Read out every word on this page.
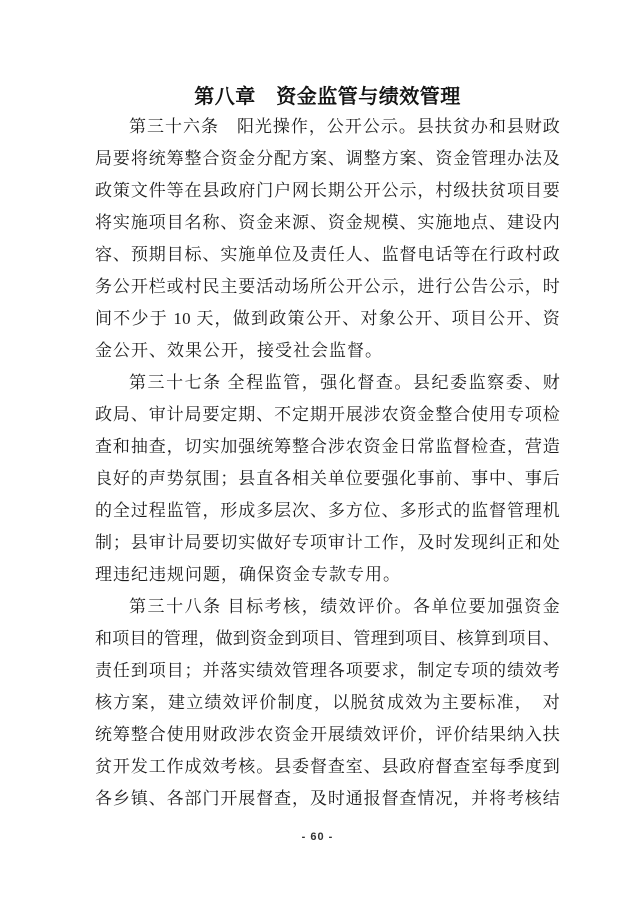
第八章　资金监管与绩效管理
第三十六条　阳光操作，公开公示。县扶贫办和县财政
局要将统筹整合资金分配方案、调整方案、资金管理办法及
政策文件等在县政府门户网长期公开公示，村级扶贫项目要
将实施项目名称、资金来源、资金规模、实施地点、建设内
容、预期目标、实施单位及责任人、监督电话等在行政村政
务公开栏或村民主要活动场所公开公示，进行公告公示，时
间不少于 10 天，做到政策公开、对象公开、项目公开、资
金公开、效果公开，接受社会监督。
第三十七条 全程监管，强化督查。县纪委监察委、财
政局、审计局要定期、不定期开展涉农资金整合使用专项检
查和抽查，切实加强统筹整合涉农资金日常监督检查，营造
良好的声势氛围；县直各相关单位要强化事前、事中、事后
的全过程监管，形成多层次、多方位、多形式的监督管理机
制；县审计局要切实做好专项审计工作，及时发现纠正和处
理违纪违规问题，确保资金专款专用。
第三十八条 目标考核，绩效评价。各单位要加强资金
和项目的管理，做到资金到项目、管理到项目、核算到项目、
责任到项目；并落实绩效管理各项要求，制定专项的绩效考
核方案，建立绩效评价制度，以脱贫成效为主要标准，　对
统筹整合使用财政涉农资金开展绩效评价，评价结果纳入扶
贫开发工作成效考核。县委督查室、县政府督查室每季度到
各乡镇、各部门开展督查，及时通报督查情况，并将考核结
- 60 -
